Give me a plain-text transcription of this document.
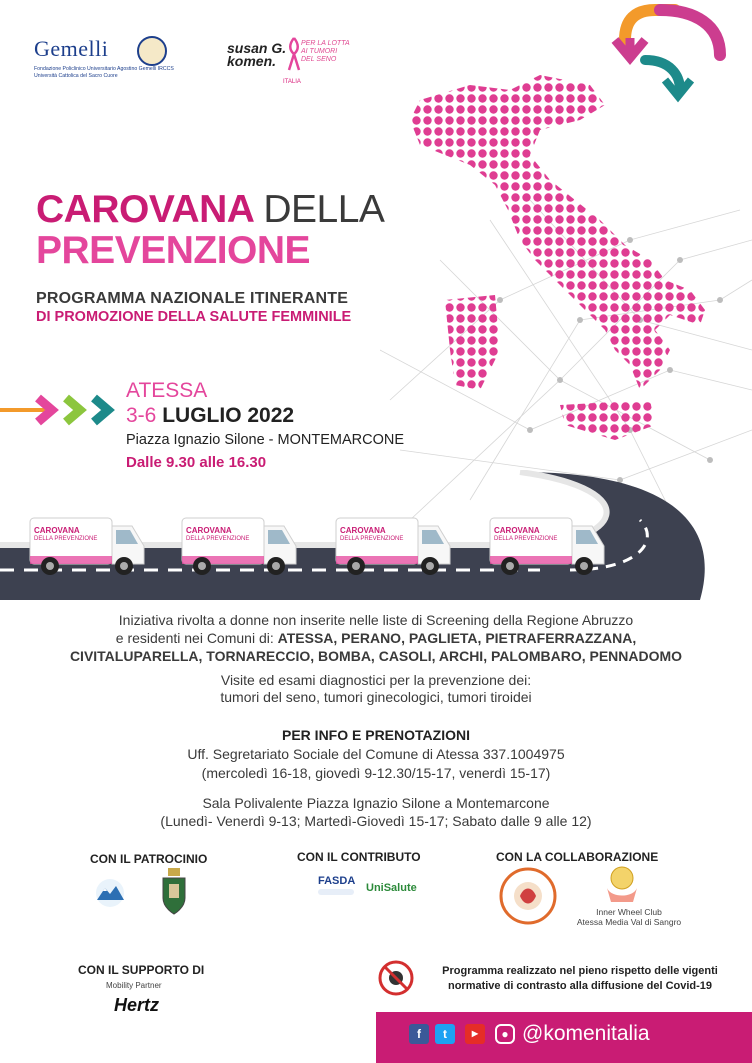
Gemelli
Fondazione Policlinico Universitario Agostino Gemelli IRCCS
Università Cattolica del Sacro Cuore
susan G.
komen.
ITALIA
PER LA LOTTA
AI TUMORI
DEL SENO
CAROVANA DELLA
PREVENZIONE
PROGRAMMA NAZIONALE ITINERANTE
DI PROMOZIONE DELLA SALUTE FEMMINILE
ATESSA
3-6 LUGLIO 2022
Piazza Ignazio Silone - MONTEMARCONE
Dalle 9.30 alle 16.30
CAROVANA
DELLA PREVENZIONE
CAROVANA
DELLA PREVENZIONE
CAROVANA
DELLA PREVENZIONE
CAROVANA
DELLA PREVENZIONE
Iniziativa rivolta a donne non inserite nelle liste di Screening della Regione Abruzzo
e residenti nei Comuni di: ATESSA, PERANO, PAGLIETA, PIETRAFERRAZZANA,
CIVITALUPARELLA, TORNARECCIO, BOMBA, CASOLI, ARCHI, PALOMBARO, PENNADOMO
Visite ed esami diagnostici per la prevenzione dei:
tumori del seno, tumori ginecologici, tumori tiroidei
PER INFO E PRENOTAZIONI
Uff. Segretariato Sociale del Comune di Atessa 337.1004975
(mercoledì 16-18, giovedì 9-12.30/15-17, venerdì 15-17)
Sala Polivalente Piazza Ignazio Silone a Montemarcone
(Lunedì- Venerdì 9-13; Martedì-Giovedì 15-17; Sabato dalle 9 alle 12)
CON IL PATROCINIO	CON IL CONTRIBUTO	CON LA COLLABORAZIONE
FASDA
UniSalute
Inner Wheel Club
Atessa Media Val di Sangro
CON IL SUPPORTO DI
Mobility Partner
Hertz
Programma realizzato nel pieno rispetto delle vigenti
normative di contrasto alla diffusione del Covid-19
f	t	▶	● @komenitalia
